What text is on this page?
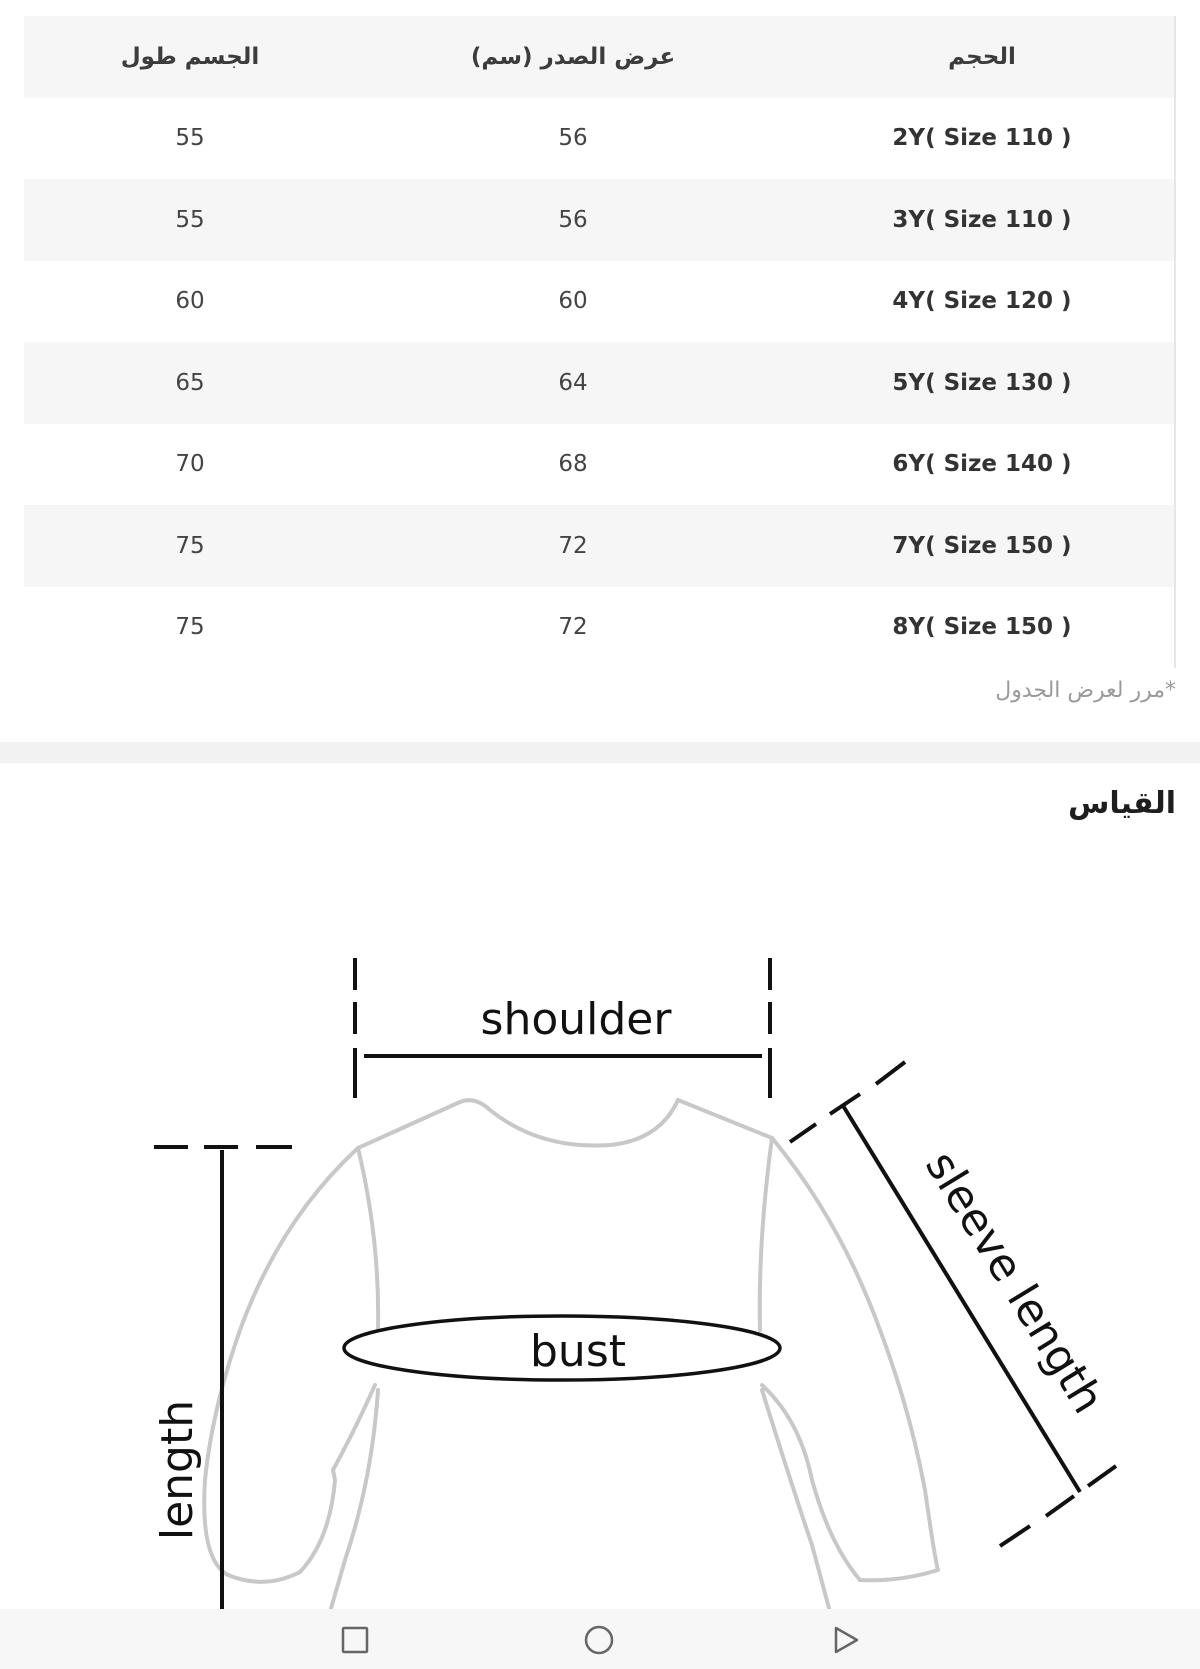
الجسم طول	عرض الصدر (سم)	الحجم
55	56	2Y( Size 110 )
55	56	3Y( Size 110 )
60	60	4Y( Size 120 )
65	64	5Y( Size 130 )
70	68	6Y( Size 140 )
75	72	7Y( Size 150 )
75	72	8Y( Size 150 )
*مرر لعرض الجدول
القياس
shoulder
bust
length
sleeve length
